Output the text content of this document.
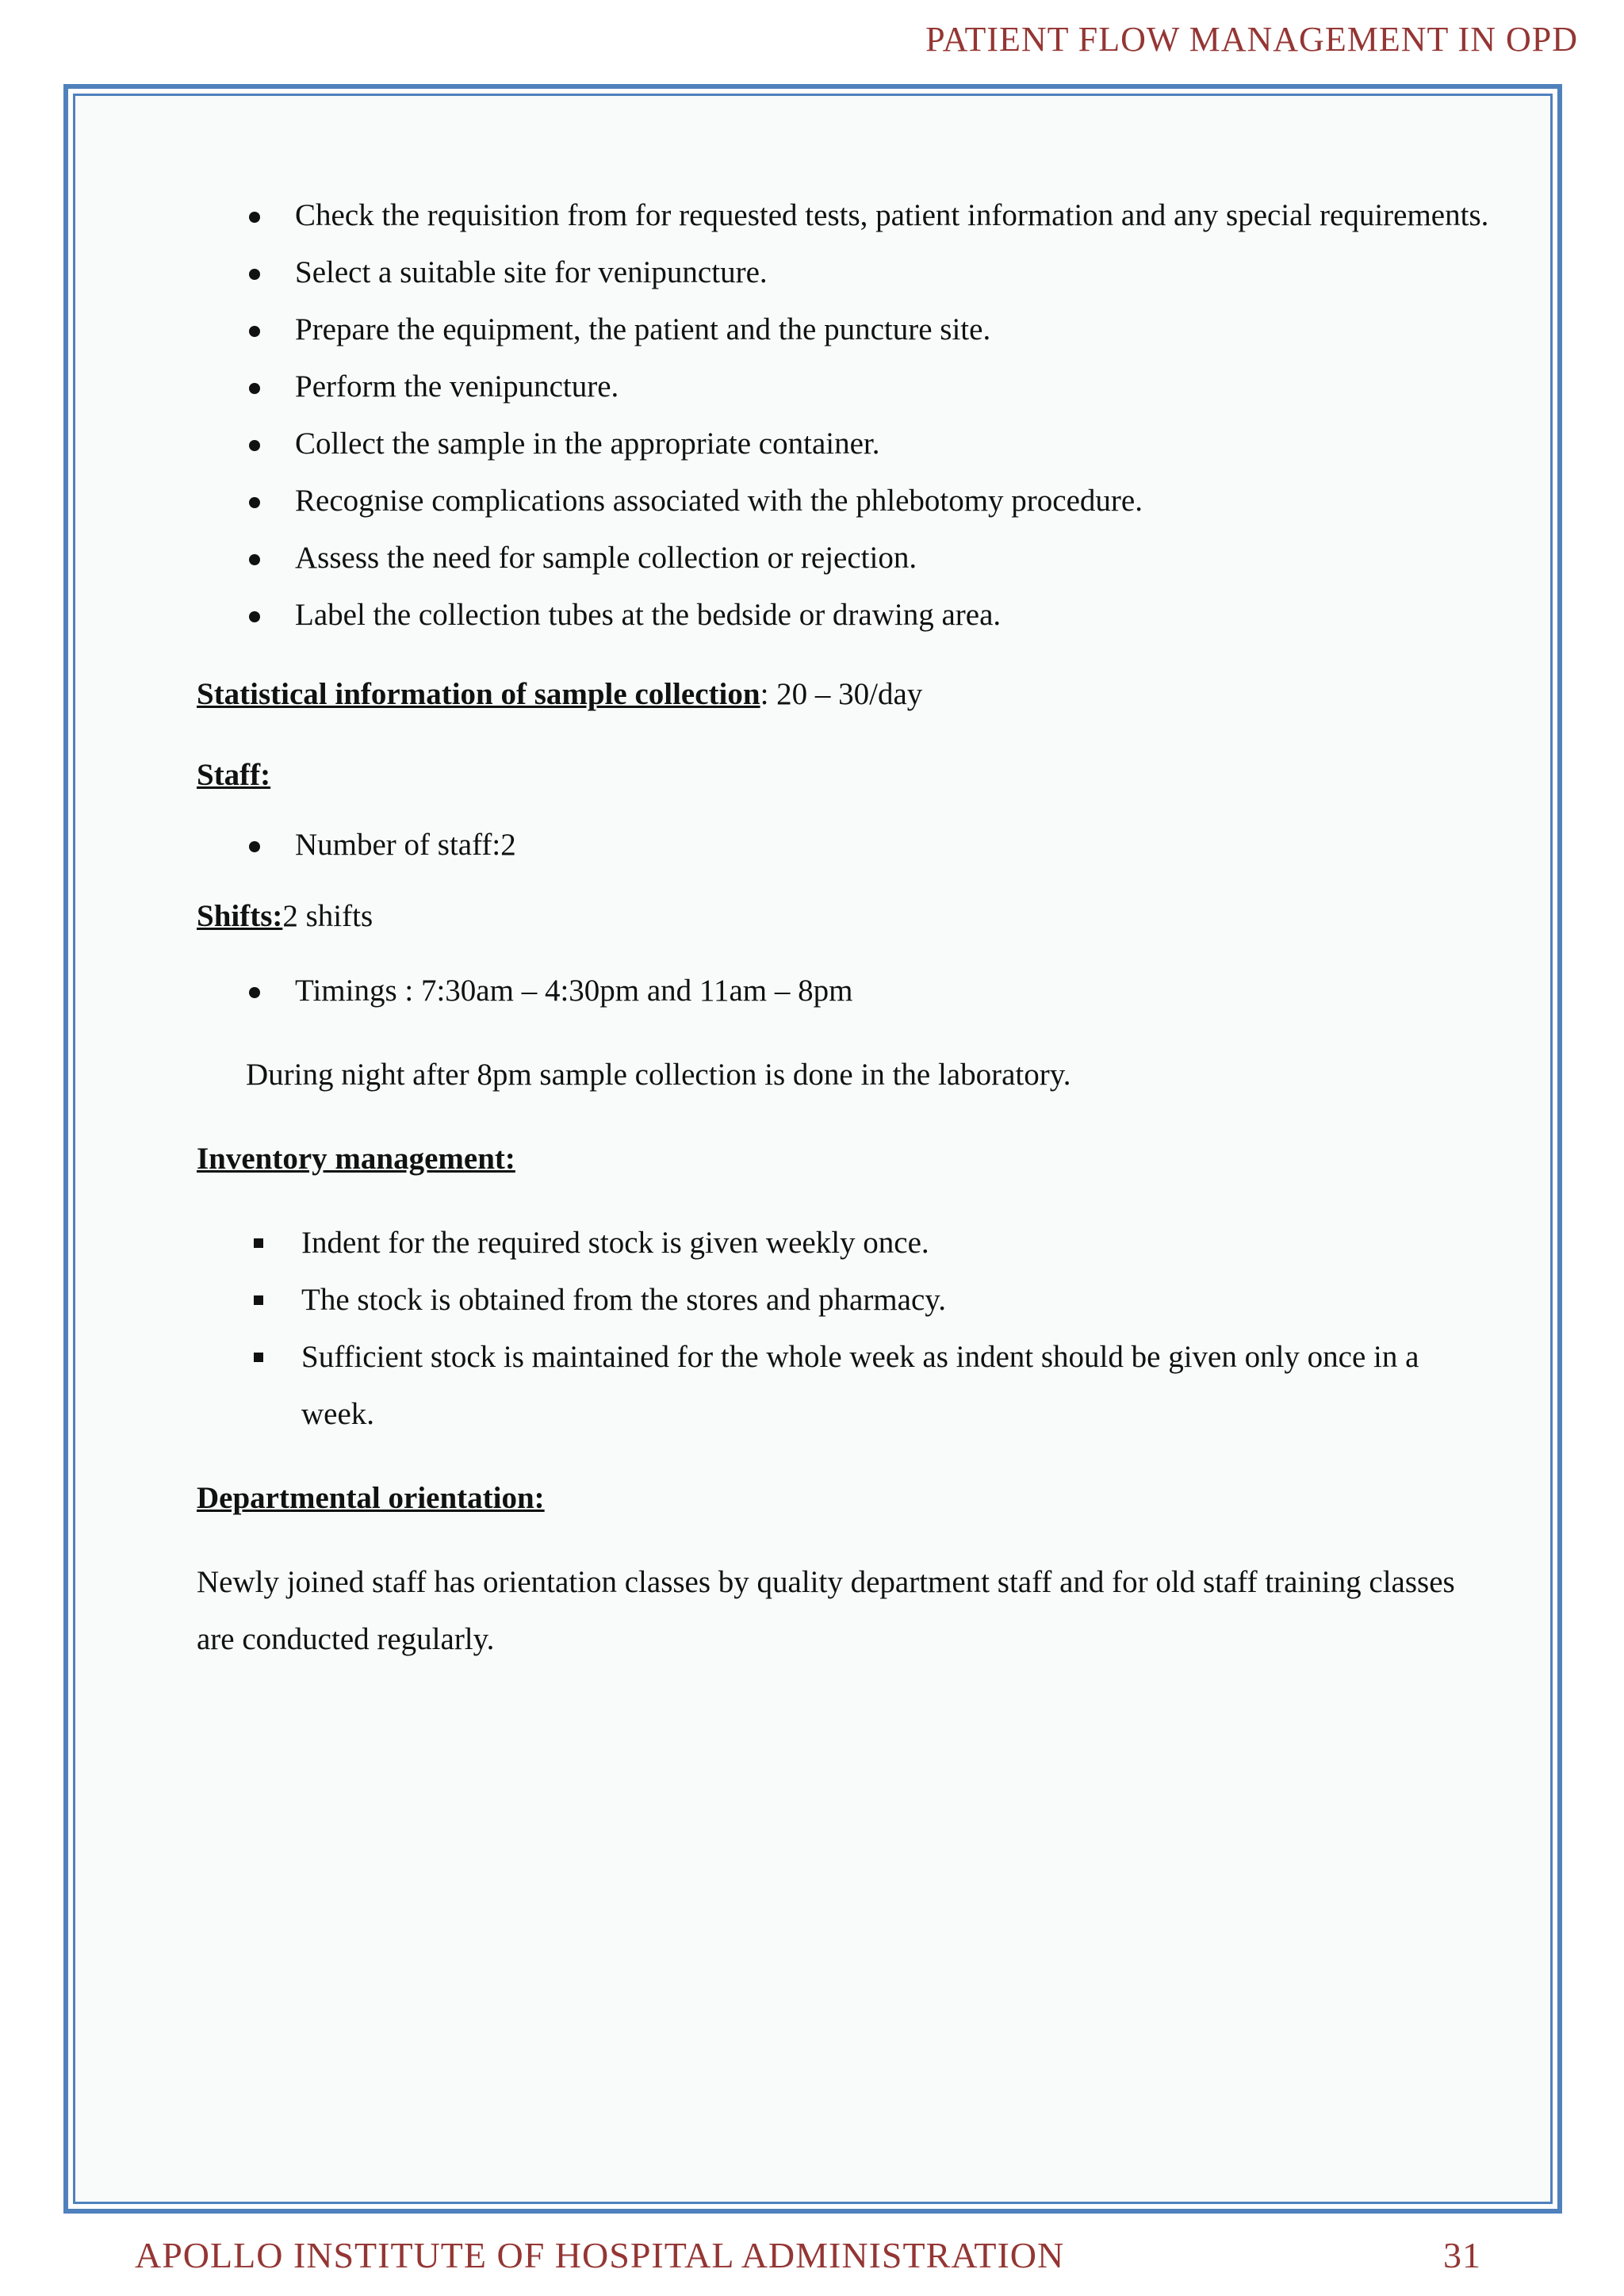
PATIENT FLOW MANAGEMENT IN OPD
Check the requisition from for requested tests, patient information and any special requirements.
Select a suitable site for venipuncture.
Prepare the equipment, the patient and the puncture site.
Perform the venipuncture.
Collect the sample in the appropriate container.
Recognise complications associated with the phlebotomy procedure.
Assess the need for sample collection or rejection.
Label the collection tubes at the bedside or drawing area.

Statistical information of sample collection: 20 – 30/day

Staff:

Number of staff:2

Shifts:2 shifts

Timings : 7:30am – 4:30pm and 11am – 8pm

During night after 8pm sample collection is done in the laboratory.

Inventory management:

Indent for the required stock is given weekly once.
The stock is obtained from the stores and pharmacy.
Sufficient stock is maintained for the whole week as indent should be given only once in a week.

Departmental orientation:

Newly joined staff has orientation classes by quality department staff and for old staff training classes are conducted regularly.

APOLLO INSTITUTE OF HOSPITAL ADMINISTRATION	31
